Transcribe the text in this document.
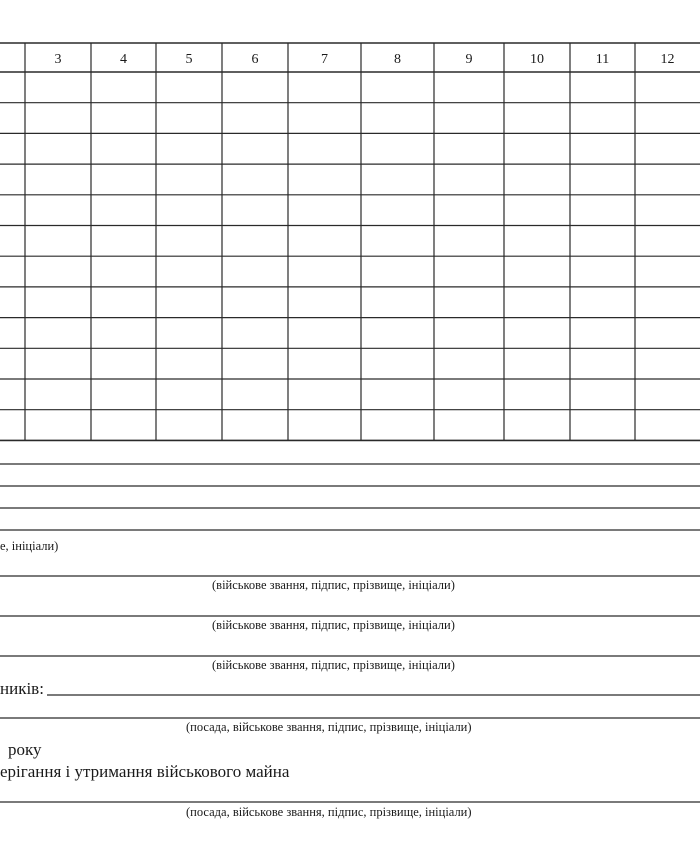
3	4	5	6	7	8	9	10	11	12
е, ініціали)
(військове звання, підпис, прізвище, ініціали)
(військове звання, підпис, прізвище, ініціали)
(військове звання, підпис, прізвище, ініціали)
ників:
(посада, військове звання, підпис, прізвище, ініціали)
року
ерігання і утримання військового майна
(посада, військове звання, підпис, прізвище, ініціали)
